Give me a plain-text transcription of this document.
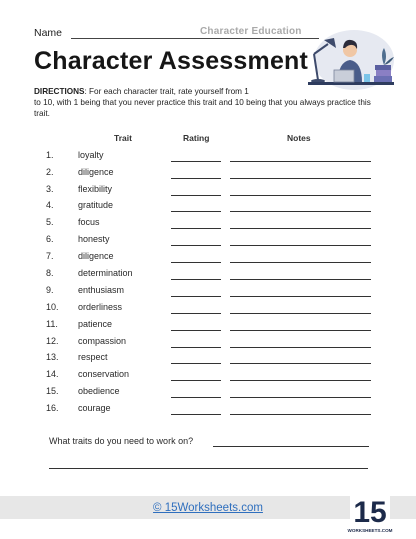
Name	Character Education
Character Assessment
DIRECTIONS: For each character trait, rate yourself from 1
to 10, with 1 being that you never practice this trait and 10 being that you always practice this trait.
Trait	Rating	Notes
1.	loyalty
2.	diligence
3.	flexibility
4.	gratitude
5.	focus
6.	honesty
7.	diligence
8.	determination
9.	enthusiasm
10. orderliness
11. patience
12. compassion
13. respect
14. conservation
15. obedience
16. courage
What traits do you need to work on?
© 15Worksheets.com	15
WORKSHEETS.COM
